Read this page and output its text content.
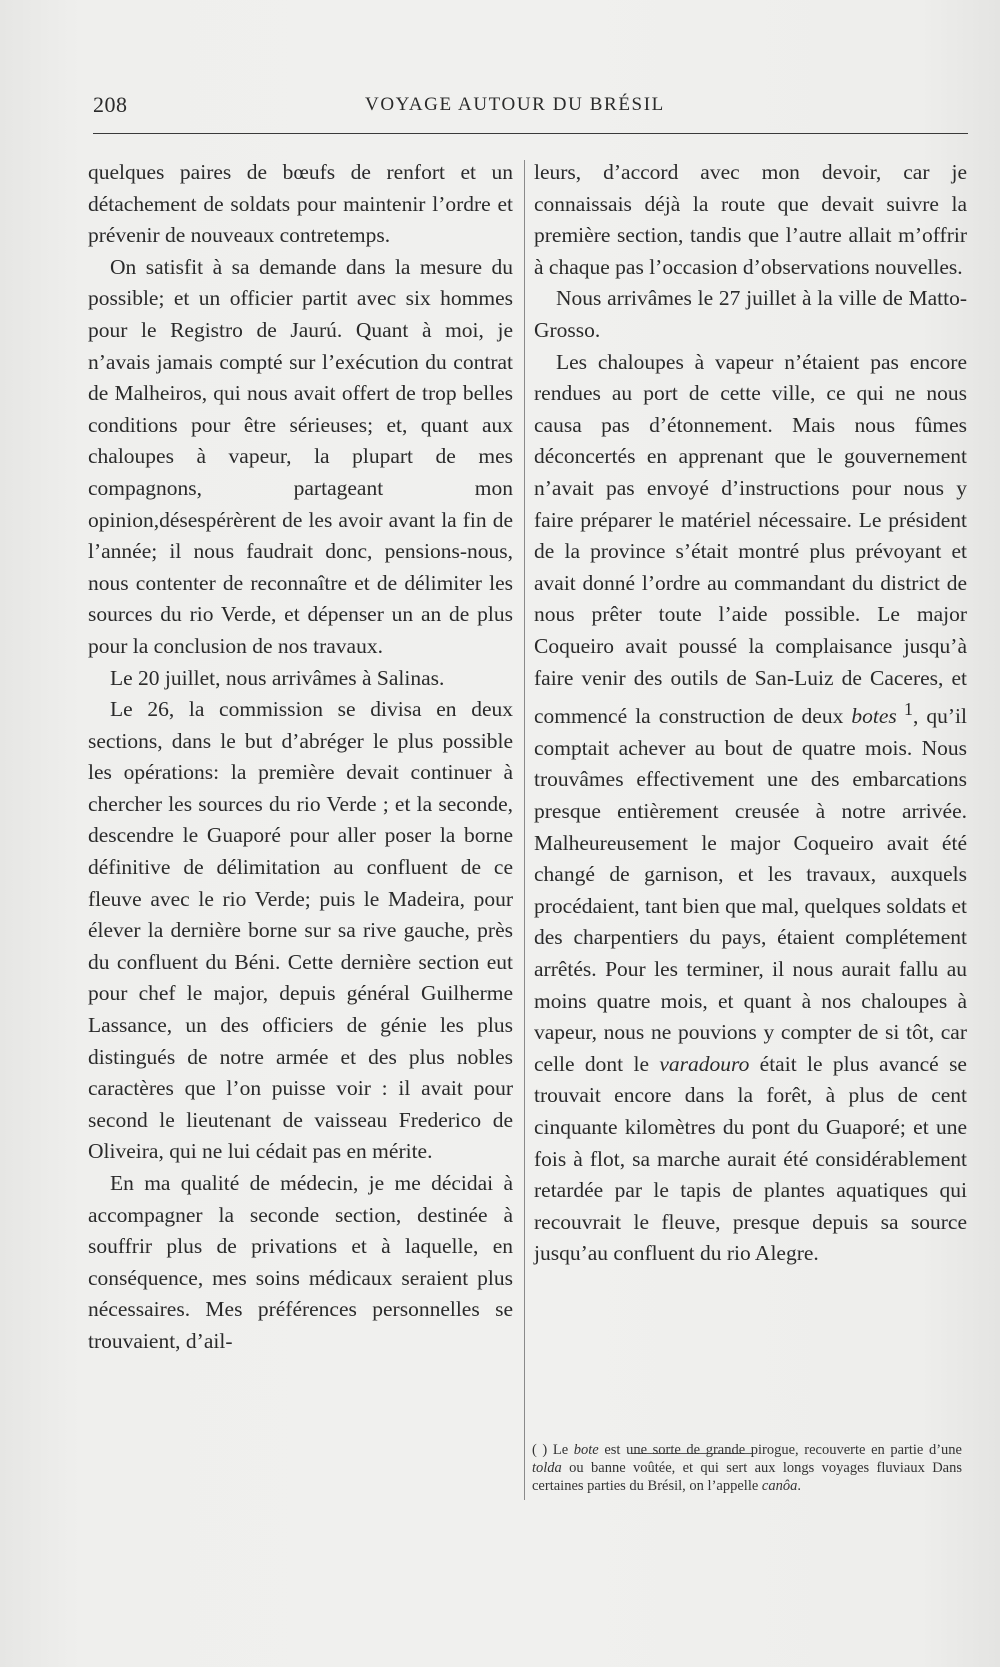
208	VOYAGE AUTOUR DU BRÉSIL

quelques paires de bœufs de renfort et un détachement de soldats pour maintenir l’ordre et prévenir de nouveaux contretemps.

On satisfit à sa demande dans la mesure du possible; et un officier partit avec six hommes pour le Registro de Jaurú. Quant à moi, je n’avais jamais compté sur l’exécution du contrat de Malheiros, qui nous avait offert de trop belles conditions pour être sérieuses; et, quant aux chaloupes à vapeur, la plupart de mes compagnons, partageant mon opinion,désespérèrent de les avoir avant la fin de l’année; il nous faudrait donc, pensions-nous, nous contenter de reconnaître et de délimiter les sources du rio Verde, et dépenser un an de plus pour la conclusion de nos travaux.

Le 20 juillet, nous arrivâmes à Salinas.

Le 26, la commission se divisa en deux sections, dans le but d’abréger le plus possible les opérations: la première devait continuer à chercher les sources du rio Verde ; et la seconde, descendre le Guaporé pour aller poser la borne définitive de délimitation au confluent de ce fleuve avec le rio Verde; puis le Madeira, pour élever la dernière borne sur sa rive gauche, près du confluent du Béni. Cette dernière section eut pour chef le major, depuis général Guilherme Lassance, un des officiers de génie les plus distingués de notre armée et des plus nobles caractères que l’on puisse voir : il avait pour second le lieutenant de vaisseau Frederico de Oliveira, qui ne lui cédait pas en mérite.

En ma qualité de médecin, je me décidai à accompagner la seconde section, destinée à souffrir plus de privations et à laquelle, en conséquence, mes soins médicaux seraient plus nécessaires. Mes préférences personnelles se trouvaient, d’ail-

leurs, d’accord avec mon devoir, car je connaissais déjà la route que devait suivre la première section, tandis que l’autre allait m’offrir à chaque pas l’occasion d’observations nouvelles.

Nous arrivâmes le 27 juillet à la ville de Matto-Grosso.

Les chaloupes à vapeur n’étaient pas encore rendues au port de cette ville, ce qui ne nous causa pas d’étonnement. Mais nous fûmes déconcertés en apprenant que le gouvernement n’avait pas envoyé d’instructions pour nous y faire préparer le matériel nécessaire. Le président de la province s’était montré plus prévoyant et avait donné l’ordre au commandant du district de nous prêter toute l’aide possible. Le major Coqueiro avait poussé la complaisance jusqu’à faire venir des outils de San-Luiz de Caceres, et commencé la construction de deux botes $^1$, qu’il comptait achever au bout de quatre mois. Nous trouvâmes effectivement une des embarcations presque entièrement creusée à notre arrivée. Malheureusement le major Coqueiro avait été changé de garnison, et les travaux, auxquels procédaient, tant bien que mal, quelques soldats et des charpentiers du pays, étaient complétement arrêtés. Pour les terminer, il nous aurait fallu au moins quatre mois, et quant à nos chaloupes à vapeur, nous ne pouvions y compter de si tôt, car celle dont le varadouro était le plus avancé se trouvait encore dans la forêt, à plus de cent cinquante kilomètres du pont du Guaporé; et une fois à flot, sa marche aurait été considérablement retardée par le tapis de plantes aquatiques qui recouvrait le fleuve, presque depuis sa source jusqu’au confluent du rio Alegre.

( ) Le bote est une sorte de grande pirogue, recouverte en partie d’une tolda ou banne voûtée, et qui sert aux longs voyages fluviaux Dans certaines parties du Brésil, on l’appelle canôa.
